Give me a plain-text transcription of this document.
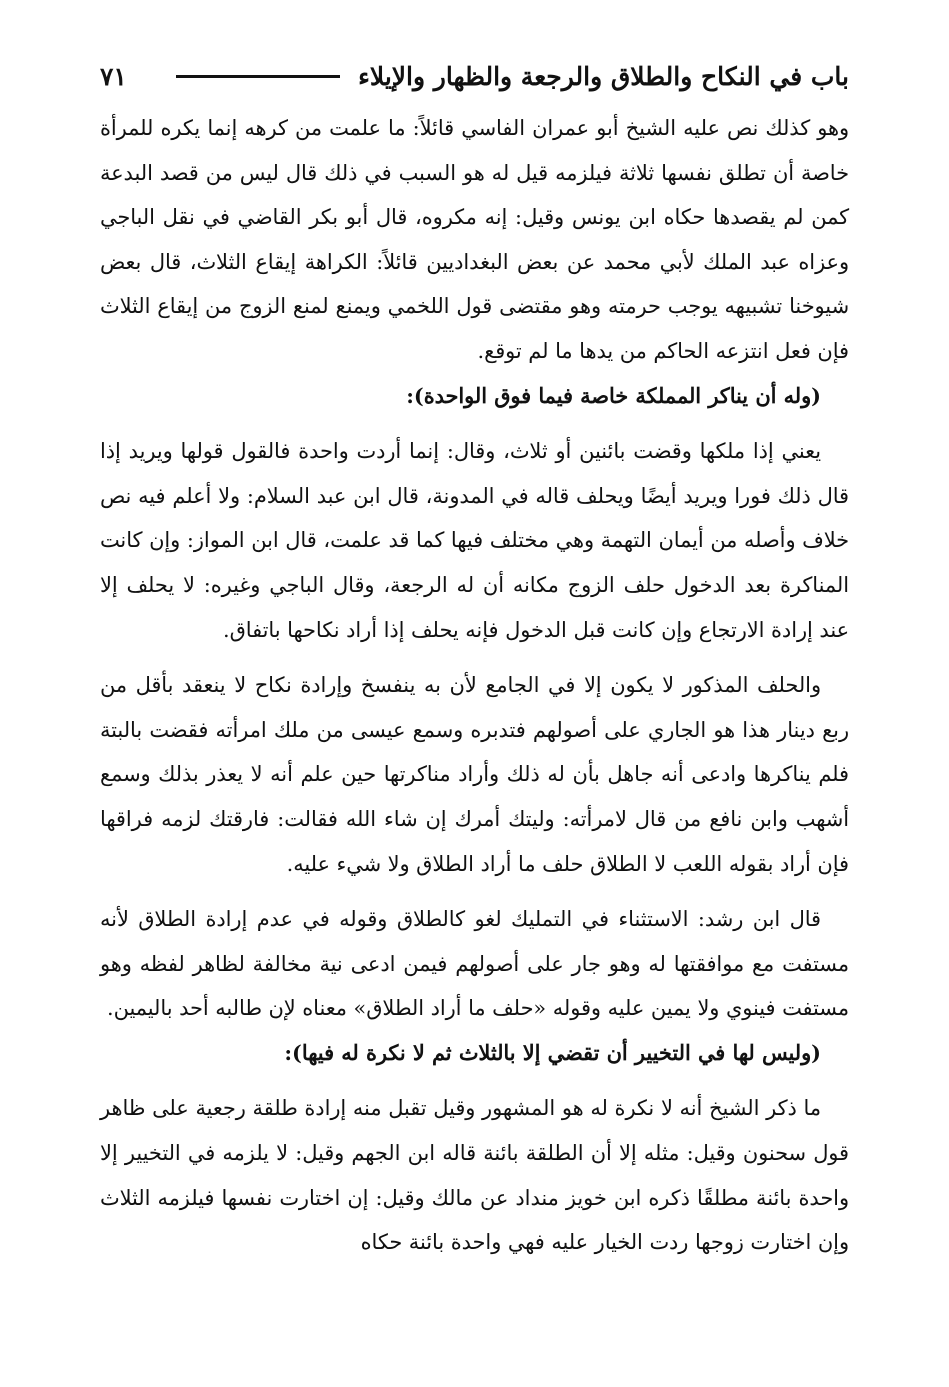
٧١	باب في النكاح والطلاق والرجعة والظهار والإيلاء

وهو كذلك نص عليه الشيخ أبو عمران الفاسي قائلاً: ما علمت من كرهه إنما يكره للمرأة خاصة أن تطلق نفسها ثلاثة فيلزمه قيل له هو السبب في ذلك قال ليس من قصد البدعة كمن لم يقصدها حكاه ابن يونس وقيل: إنه مكروه، قال أبو بكر القاضي في نقل الباجي وعزاه عبد الملك لأبي محمد عن بعض البغداديين قائلاً: الكراهة إيقاع الثلاث، قال بعض شيوخنا تشبيهه يوجب حرمته وهو مقتضى قول اللخمي ويمنع لمنع الزوج من إيقاع الثلاث فإن فعل انتزعه الحاكم من يدها ما لم توقع.

(وله أن يناكر المملكة خاصة فيما فوق الواحدة):

يعني إذا ملكها وقضت بائنين أو ثلاث، وقال: إنما أردت واحدة فالقول قولها ويريد إذا قال ذلك فورا ويريد أيضًا ويحلف قاله في المدونة، قال ابن عبد السلام: ولا أعلم فيه نص خلاف وأصله من أيمان التهمة وهي مختلف فيها كما قد علمت، قال ابن المواز: وإن كانت المناكرة بعد الدخول حلف الزوج مكانه أن له الرجعة، وقال الباجي وغيره: لا يحلف إلا عند إرادة الارتجاع وإن كانت قبل الدخول فإنه يحلف إذا أراد نكاحها باتفاق.

والحلف المذكور لا يكون إلا في الجامع لأن به ينفسخ وإرادة نكاح لا ينعقد بأقل من ربع دينار هذا هو الجاري على أصولهم فتدبره وسمع عيسى من ملك امرأته فقضت بالبتة فلم يناكرها وادعى أنه جاهل بأن له ذلك وأراد مناكرتها حين علم أنه لا يعذر بذلك وسمع أشهب وابن نافع من قال لامرأته: وليتك أمرك إن شاء الله فقالت: فارقتك لزمه فراقها فإن أراد بقوله اللعب لا الطلاق حلف ما أراد الطلاق ولا شيء عليه.

قال ابن رشد: الاستثناء في التمليك لغو كالطلاق وقوله في عدم إرادة الطلاق لأنه مستفت مع موافقتها له وهو جار على أصولهم فيمن ادعى نية مخالفة لظاهر لفظه وهو مستفت فينوي ولا يمين عليه وقوله «حلف ما أراد الطلاق» معناه لإن طالبه أحد باليمين.

(وليس لها في التخيير أن تقضي إلا بالثلاث ثم لا نكرة له فيها):

ما ذكر الشيخ أنه لا نكرة له هو المشهور وقيل تقبل منه إرادة طلقة رجعية على ظاهر قول سحنون وقيل: مثله إلا أن الطلقة بائنة قاله ابن الجهم وقيل: لا يلزمه في التخيير إلا واحدة بائنة مطلقًا ذكره ابن خويز منداد عن مالك وقيل: إن اختارت نفسها فيلزمه الثلاث وإن اختارت زوجها ردت الخيار عليه فهي واحدة بائنة حكاه
